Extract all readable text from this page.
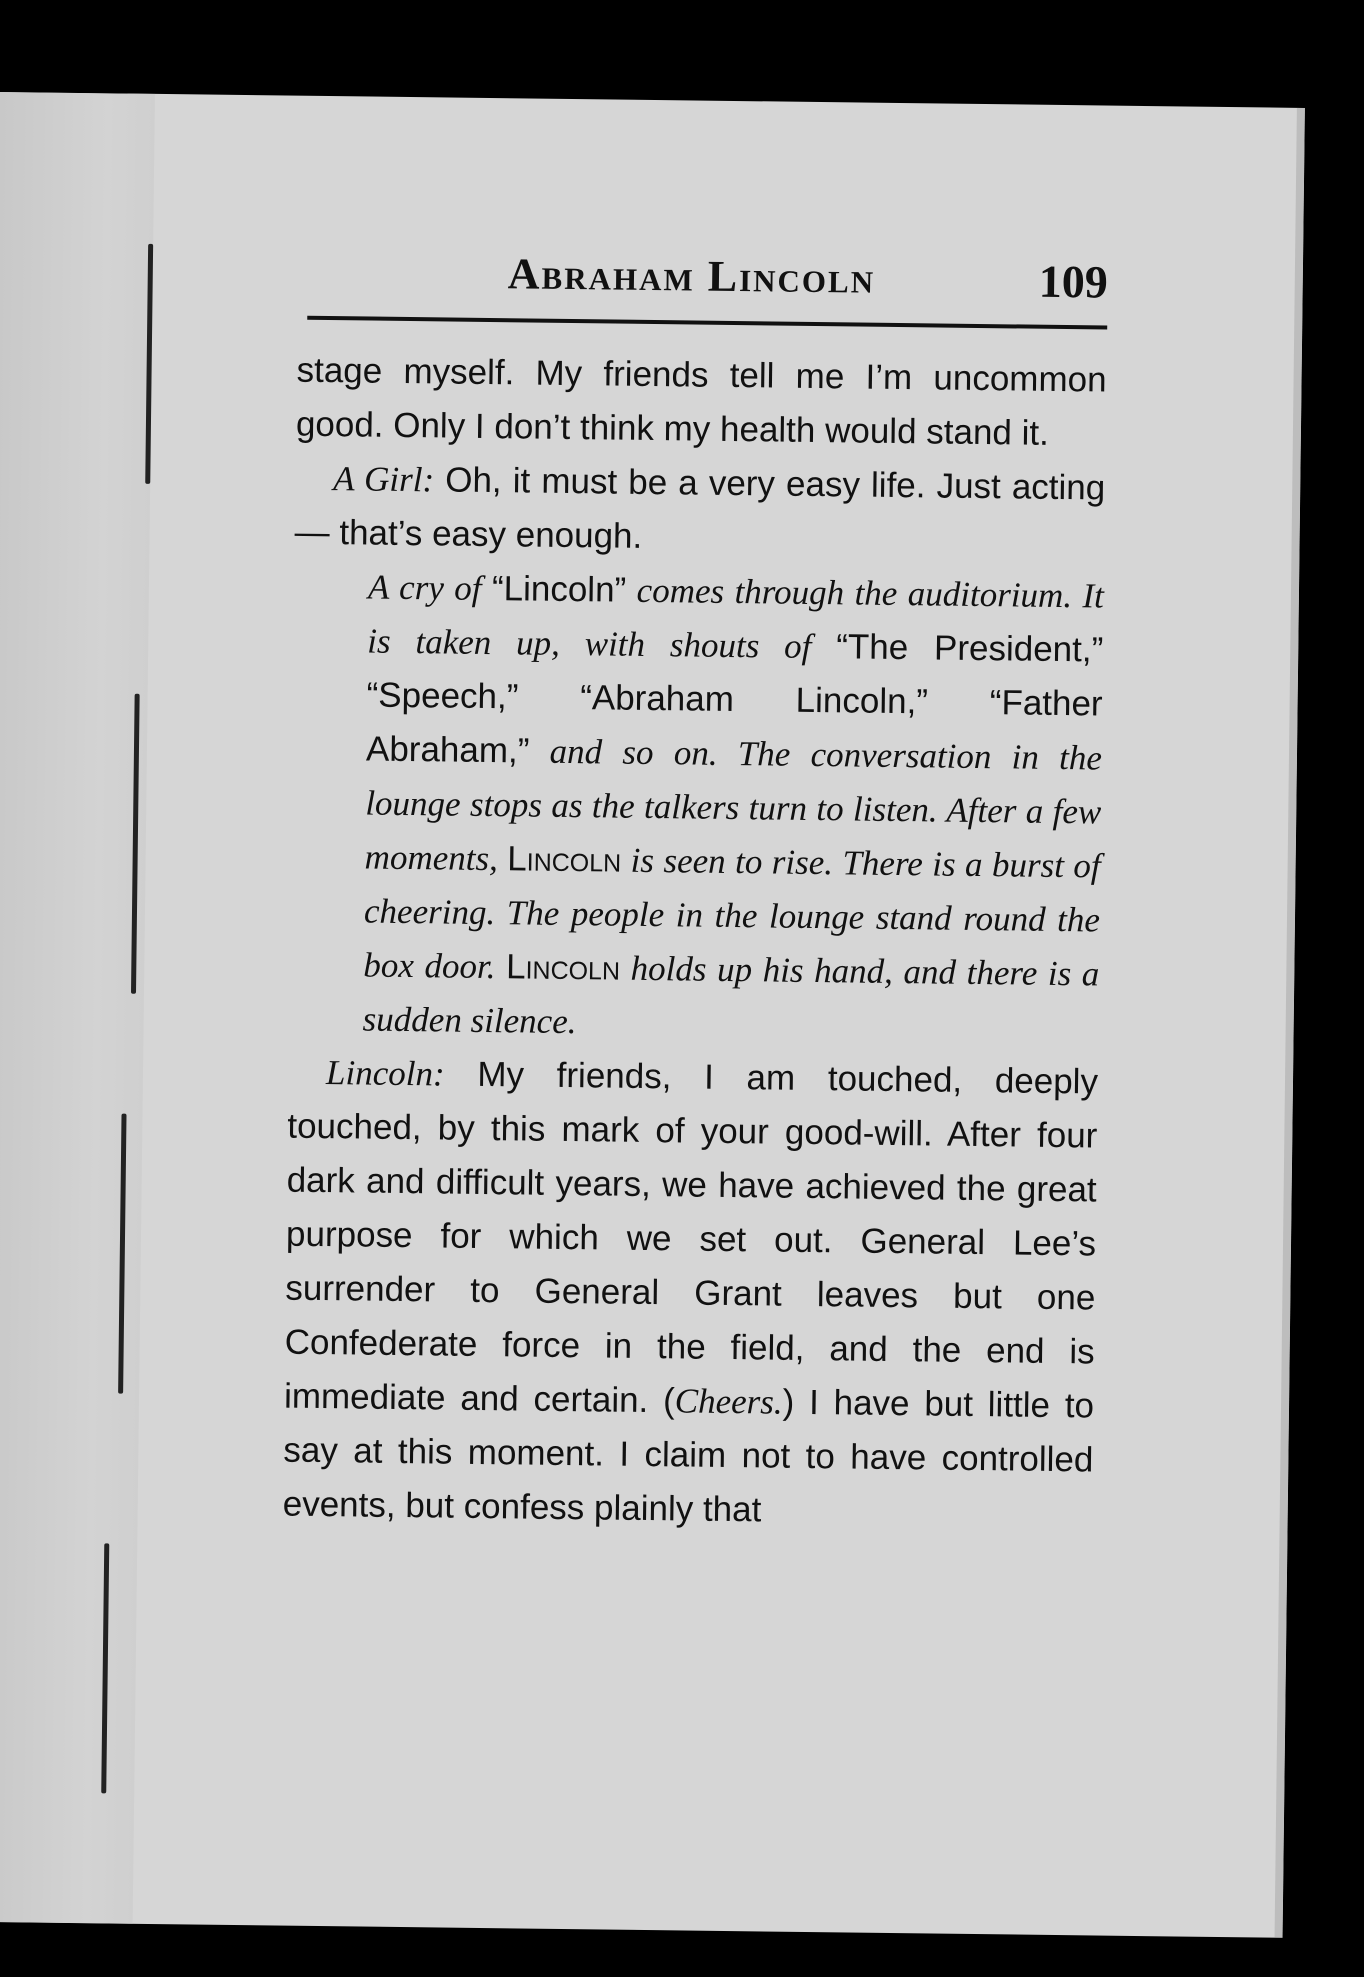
Abraham Lincoln	109

stage myself. My friends tell me I’m uncommon good. Only I don’t think my health would stand it.

A Girl: Oh, it must be a very easy life. Just acting — that’s easy enough.

A cry of “Lincoln” comes through the auditorium. It is taken up, with shouts of “The President,” “Speech,” “Abraham Lincoln,” “Father Abraham,” and so on. The conversation in the lounge stops as the talkers turn to listen. After a few moments, Lincoln is seen to rise. There is a burst of cheering. The people in the lounge stand round the box door. Lincoln holds up his hand, and there is a sudden silence.

Lincoln: My friends, I am touched, deeply touched, by this mark of your good-will. After four dark and difficult years, we have achieved the great purpose for which we set out. General Lee’s surrender to General Grant leaves but one Confederate force in the field, and the end is immediate and certain. (Cheers.) I have but little to say at this moment. I claim not to have controlled events, but confess plainly that
